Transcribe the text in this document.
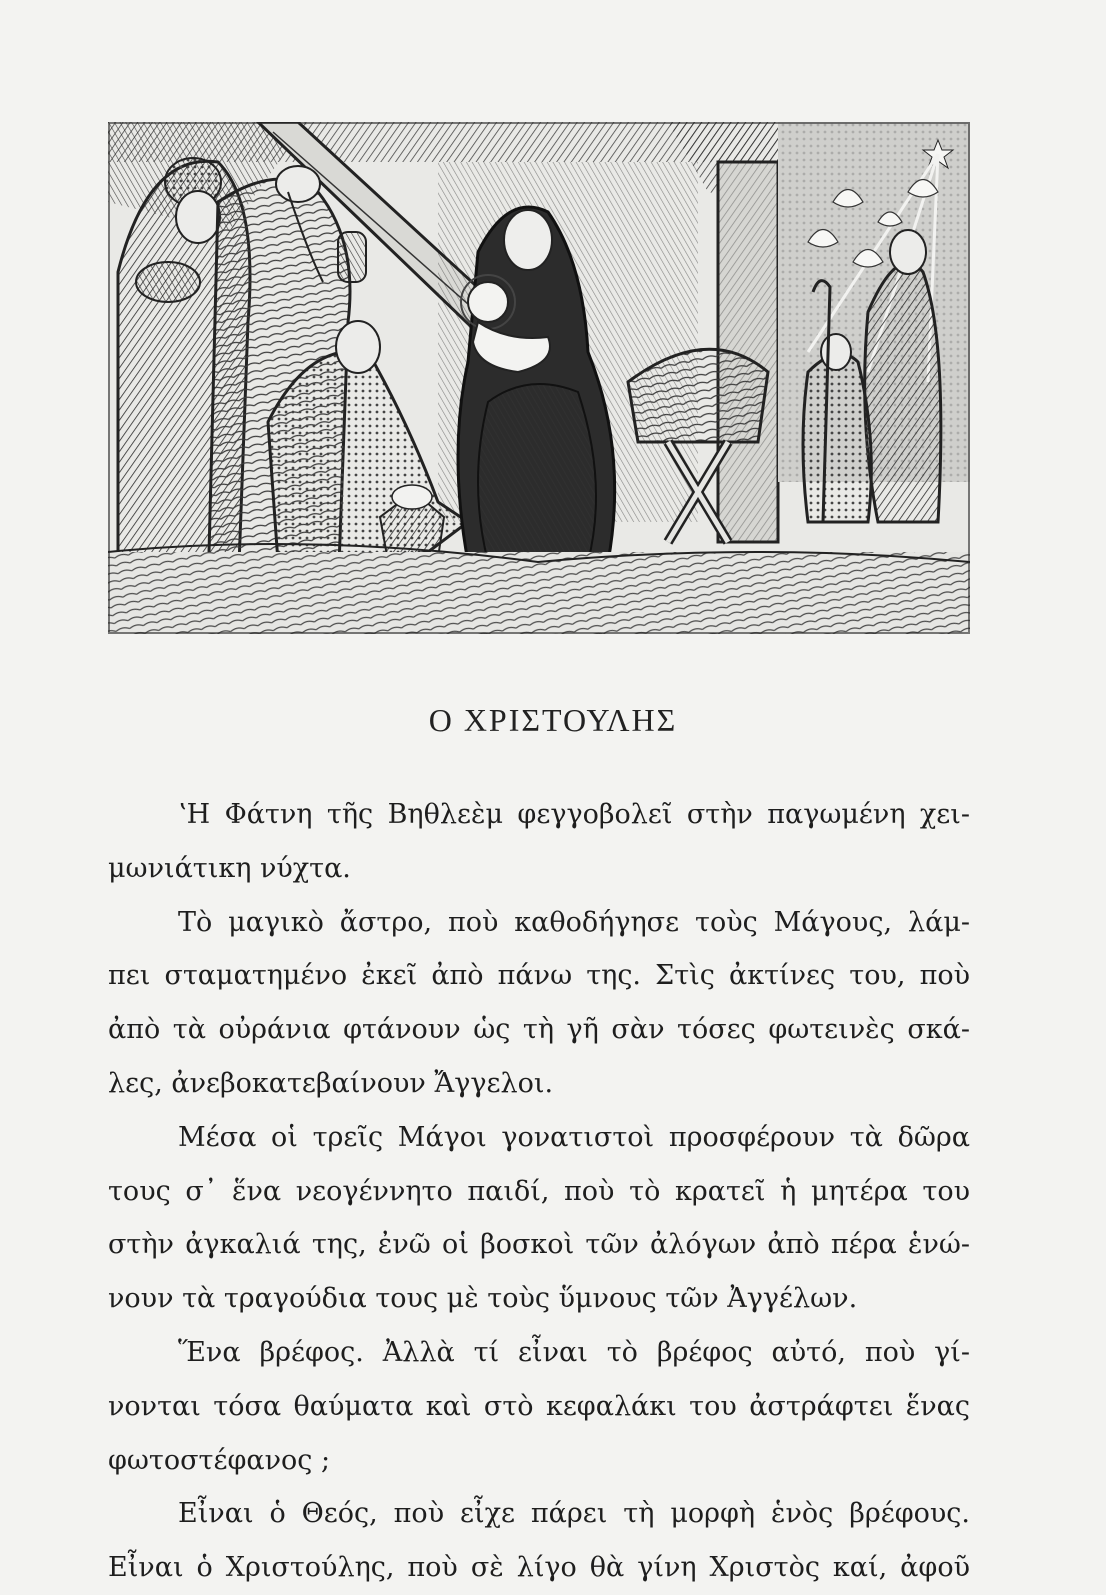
Ο ΧΡΙΣΤΟΥΛΗΣ
ʽΗ Φάτνη τῆς Βηθλεὲμ φεγγοβολεῖ στὴν παγωμένη χει-
μωνιάτικη νύχτα.
Τὸ μαγικὸ ἄστρο, ποὺ καθοδήγησε τοὺς Μάγους, λάμ-
πει σταματημένο ἐκεῖ ἀπὸ πάνω της. Στὶς ἀκτίνες του, ποὺ
ἀπὸ τὰ οὐράνια φτάνουν ὡς τὴ γῆ σὰν τόσες φωτεινὲς σκά-
λες, ἀνεβοκατεβαίνουν Ἄγγελοι.
Μέσα οἱ τρεῖς Μάγοι γονατιστοὶ προσφέρουν τὰ δῶρα
τους σ᾽ ἕνα νεογέννητο παιδί, ποὺ τὸ κρατεῖ ἡ μητέρα του
στὴν ἀγκαλιά της, ἐνῶ οἱ βοσκοὶ τῶν ἀλόγων ἀπὸ πέρα ἑνώ-
νουν τὰ τραγούδια τους μὲ τοὺς ὕμνους τῶν Ἀγγέλων.
Ἕνα βρέφος. Ἀλλὰ τί εἶναι τὸ βρέφος αὐτό, ποὺ γί-
νονται τόσα θαύματα καὶ στὸ κεφαλάκι του ἀστράφτει ἕνας
φωτοστέφανος ;
Εἶναι ὁ Θεός, ποὺ εἶχε πάρει τὴ μορφὴ ἑνὸς βρέφους.
Εἶναι ὁ Χριστούλης, ποὺ σὲ λίγο θὰ γίνη Χριστὸς καί, ἀφοῦ
